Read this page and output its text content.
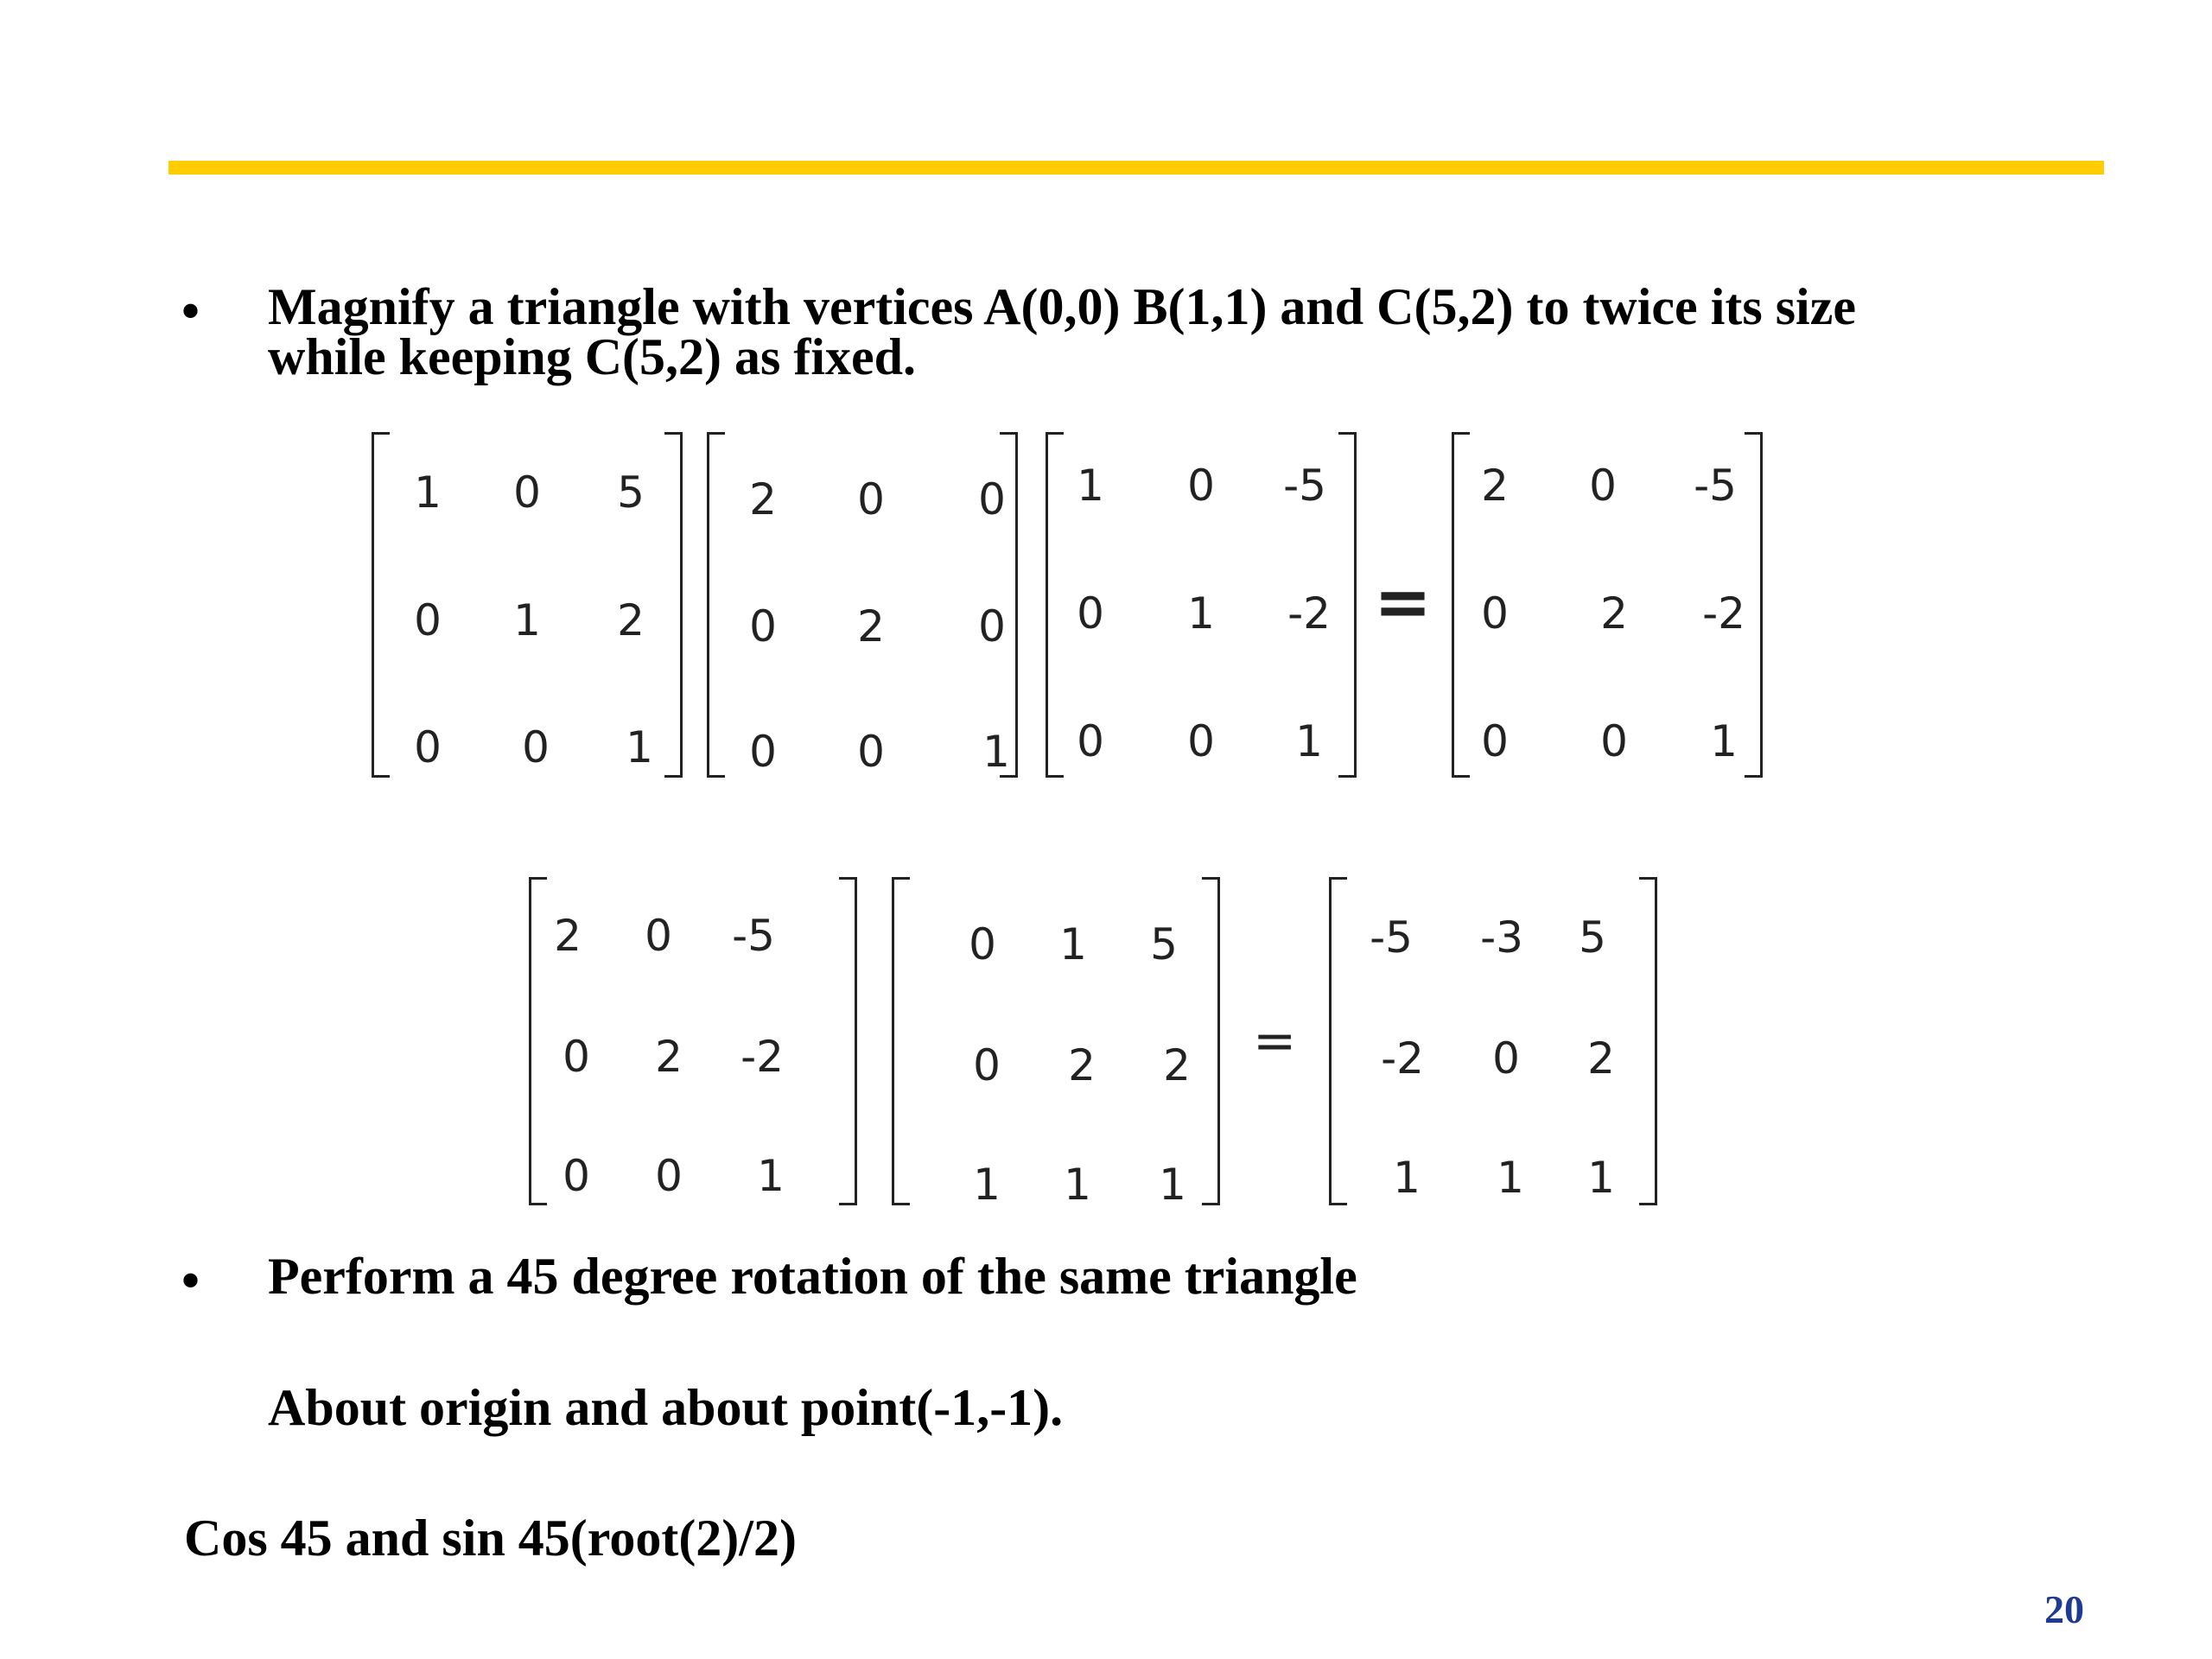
• Magnify a triangle with vertices A(0,0) B(1,1) and C(5,2) to twice its size
while keeping C(5,2) as fixed.
1	0	5
0	1	2
0	0	1
2	0	0
0	2	0
0	0	1
1	0	-5
0	1	-2
0	0	1
=
2	0	-5
0	2	-2
0	0	1
2	0	-5
0	2	-2
0	0	1
0	1	5
0	2	2
1	1	1
=
-5	-3	5
-2	0	2
1	1	1
• Perform a 45 degree rotation of the same triangle
About origin and about point(-1,-1).
Cos 45 and sin 45(root(2)/2)
20
